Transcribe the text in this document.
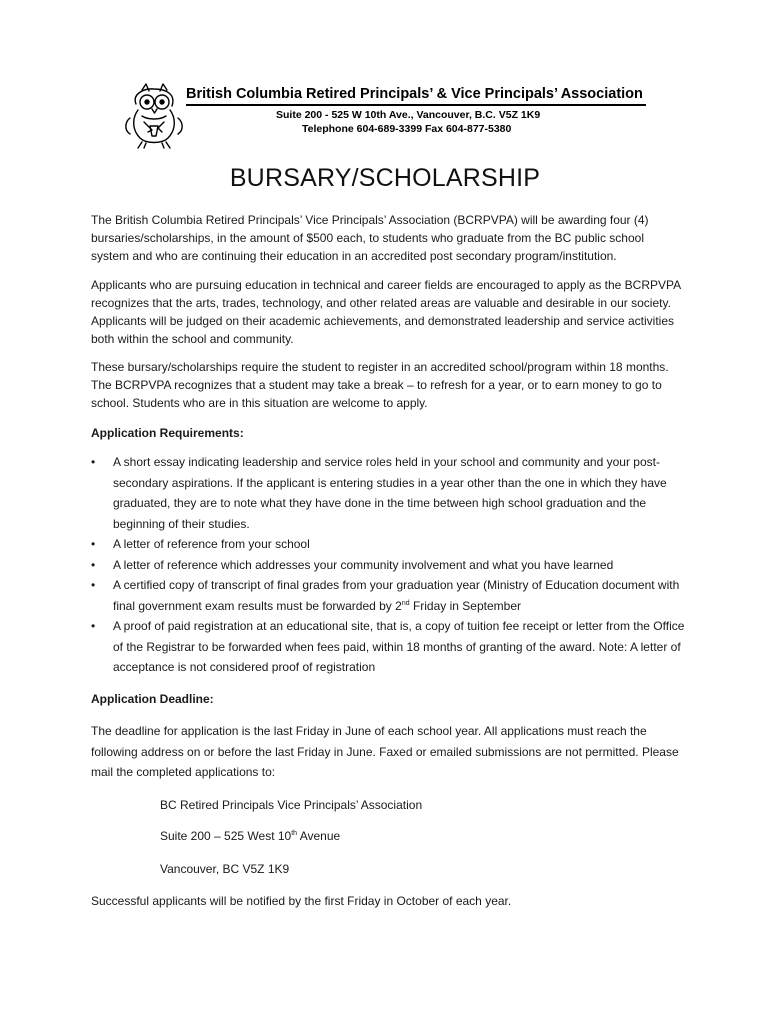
British Columbia Retired Principals’ & Vice Principals’ Association
Suite 200 - 525 W 10th Ave., Vancouver, B.C. V5Z 1K9
Telephone 604-689-3399 Fax 604-877-5380
BURSARY/SCHOLARSHIP

The British Columbia Retired Principals’ Vice Principals’ Association (BCRPVPA) will be awarding four (4) bursaries/scholarships, in the amount of $500 each, to students who graduate from the BC public school system and who are continuing their education in an accredited post secondary program/institution.

Applicants who are pursuing education in technical and career fields are encouraged to apply as the BCRPVPA recognizes that the arts, trades, technology, and other related areas are valuable and desirable in our society. Applicants will be judged on their academic achievements, and demonstrated leadership and service activities both within the school and community.

These bursary/scholarships require the student to register in an accredited school/program within 18 months. The BCRPVPA recognizes that a student may take a break – to refresh for a year, or to earn money to go to school. Students who are in this situation are welcome to apply.

Application Requirements:
• A short essay indicating leadership and service roles held in your school and community and your post-secondary aspirations. If the applicant is entering studies in a year other than the one in which they have graduated, they are to note what they have done in the time between high school graduation and the beginning of their studies.
• A letter of reference from your school
• A letter of reference which addresses your community involvement and what you have learned
• A certified copy of transcript of final grades from your graduation year (Ministry of Education document with final government exam results must be forwarded by 2nd Friday in September
• A proof of paid registration at an educational site, that is, a copy of tuition fee receipt or letter from the Office of the Registrar to be forwarded when fees paid, within 18 months of granting of the award. Note: A letter of acceptance is not considered proof of registration
Application Deadline:
The deadline for application is the last Friday in June of each school year. All applications must reach the following address on or before the last Friday in June. Faxed or emailed submissions are not permitted. Please mail the completed applications to:
BC Retired Principals Vice Principals’ Association
Suite 200 – 525 West 10th Avenue
Vancouver, BC V5Z 1K9
Successful applicants will be notified by the first Friday in October of each year.
